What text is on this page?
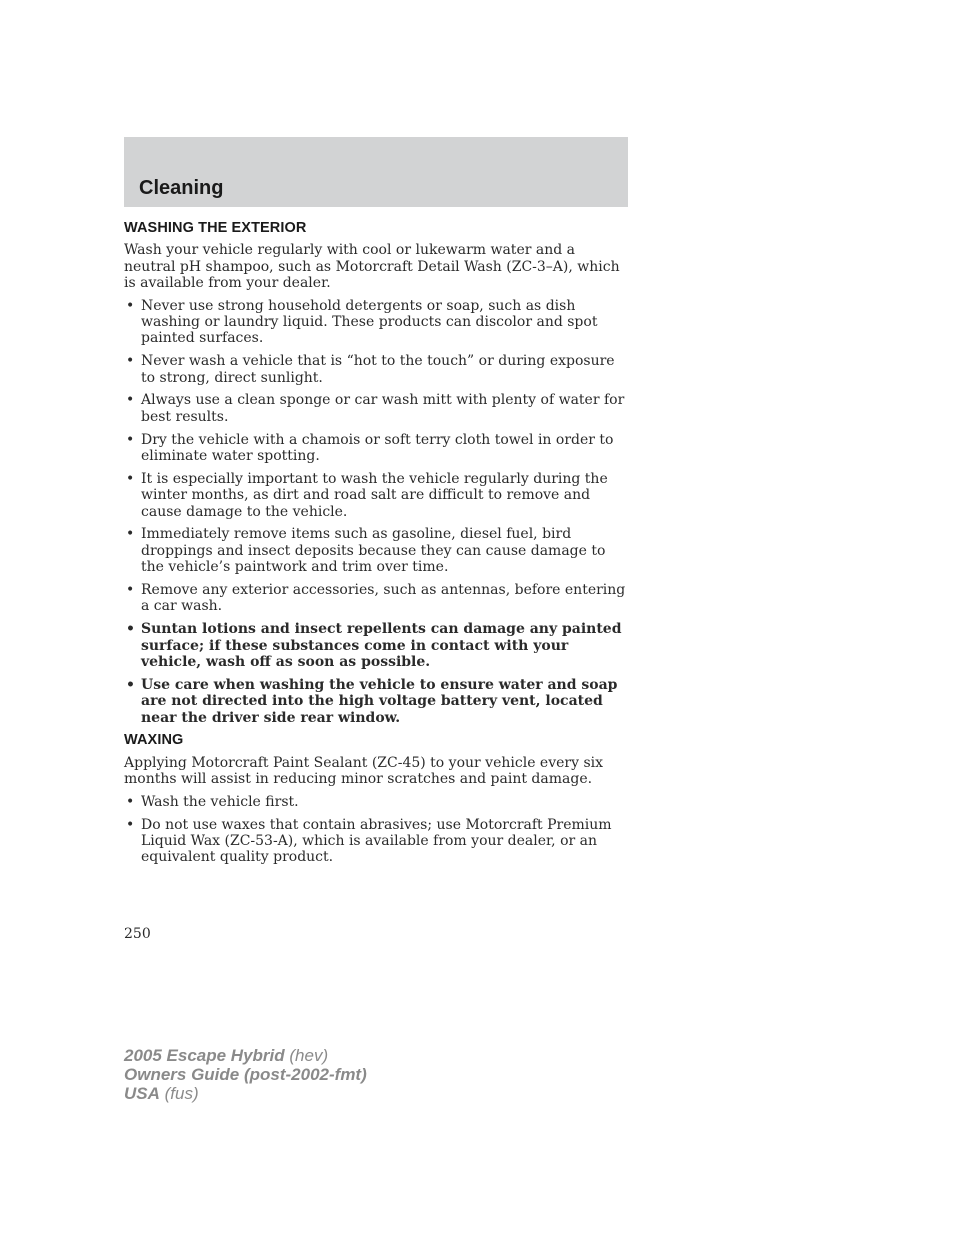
Cleaning
WASHING THE EXTERIOR

Wash your vehicle regularly with cool or lukewarm water and a neutral pH shampoo, such as Motorcraft Detail Wash (ZC-3–A), which is available from your dealer.

• Never use strong household detergents or soap, such as dish washing or laundry liquid. These products can discolor and spot painted surfaces.
• Never wash a vehicle that is “hot to the touch” or during exposure to strong, direct sunlight.
• Always use a clean sponge or car wash mitt with plenty of water for best results.
• Dry the vehicle with a chamois or soft terry cloth towel in order to eliminate water spotting.
• It is especially important to wash the vehicle regularly during the winter months, as dirt and road salt are difficult to remove and cause damage to the vehicle.
• Immediately remove items such as gasoline, diesel fuel, bird droppings and insect deposits because they can cause damage to the vehicle’s paintwork and trim over time.
• Remove any exterior accessories, such as antennas, before entering a car wash.
• Suntan lotions and insect repellents can damage any painted surface; if these substances come in contact with your vehicle, wash off as soon as possible.
• Use care when washing the vehicle to ensure water and soap are not directed into the high voltage battery vent, located near the driver side rear window.
WAXING

Applying Motorcraft Paint Sealant (ZC-45) to your vehicle every six months will assist in reducing minor scratches and paint damage.

• Wash the vehicle first.
• Do not use waxes that contain abrasives; use Motorcraft Premium Liquid Wax (ZC-53-A), which is available from your dealer, or an equivalent quality product.
250
2005 Escape Hybrid (hev)
Owners Guide (post-2002-fmt)
USA (fus)
